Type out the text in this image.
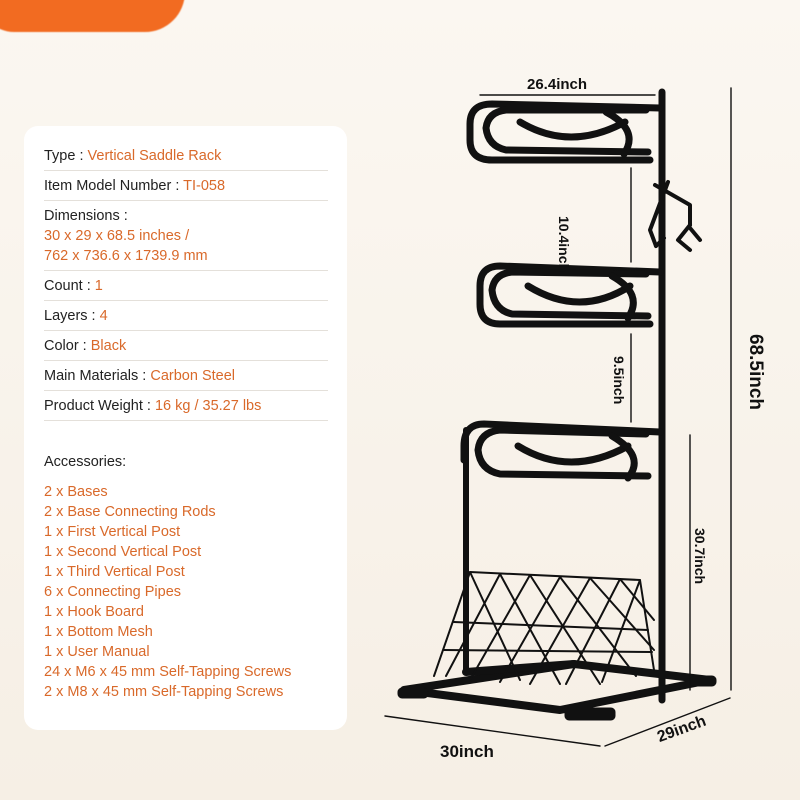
Type : Vertical Saddle Rack
Item Model Number : TI-058
Dimensions :
30 x 29 x 68.5 inches /
762 x 736.6 x 1739.9 mm
Count : 1
Layers : 4
Color : Black
Main Materials : Carbon Steel
Product Weight : 16 kg / 35.27 lbs
Accessories:
2 x Bases
2 x Base Connecting Rods
1 x First Vertical Post
1 x Second Vertical Post
1 x Third Vertical Post
6 x Connecting Pipes
1 x Hook Board
1 x Bottom Mesh
1 x User Manual
24 x M6 x 45 mm Self-Tapping Screws
2 x M8 x 45 mm Self-Tapping Screws
26.4inch
10.4inch
9.5inch
30.7inch
68.5inch
30inch
29inch
